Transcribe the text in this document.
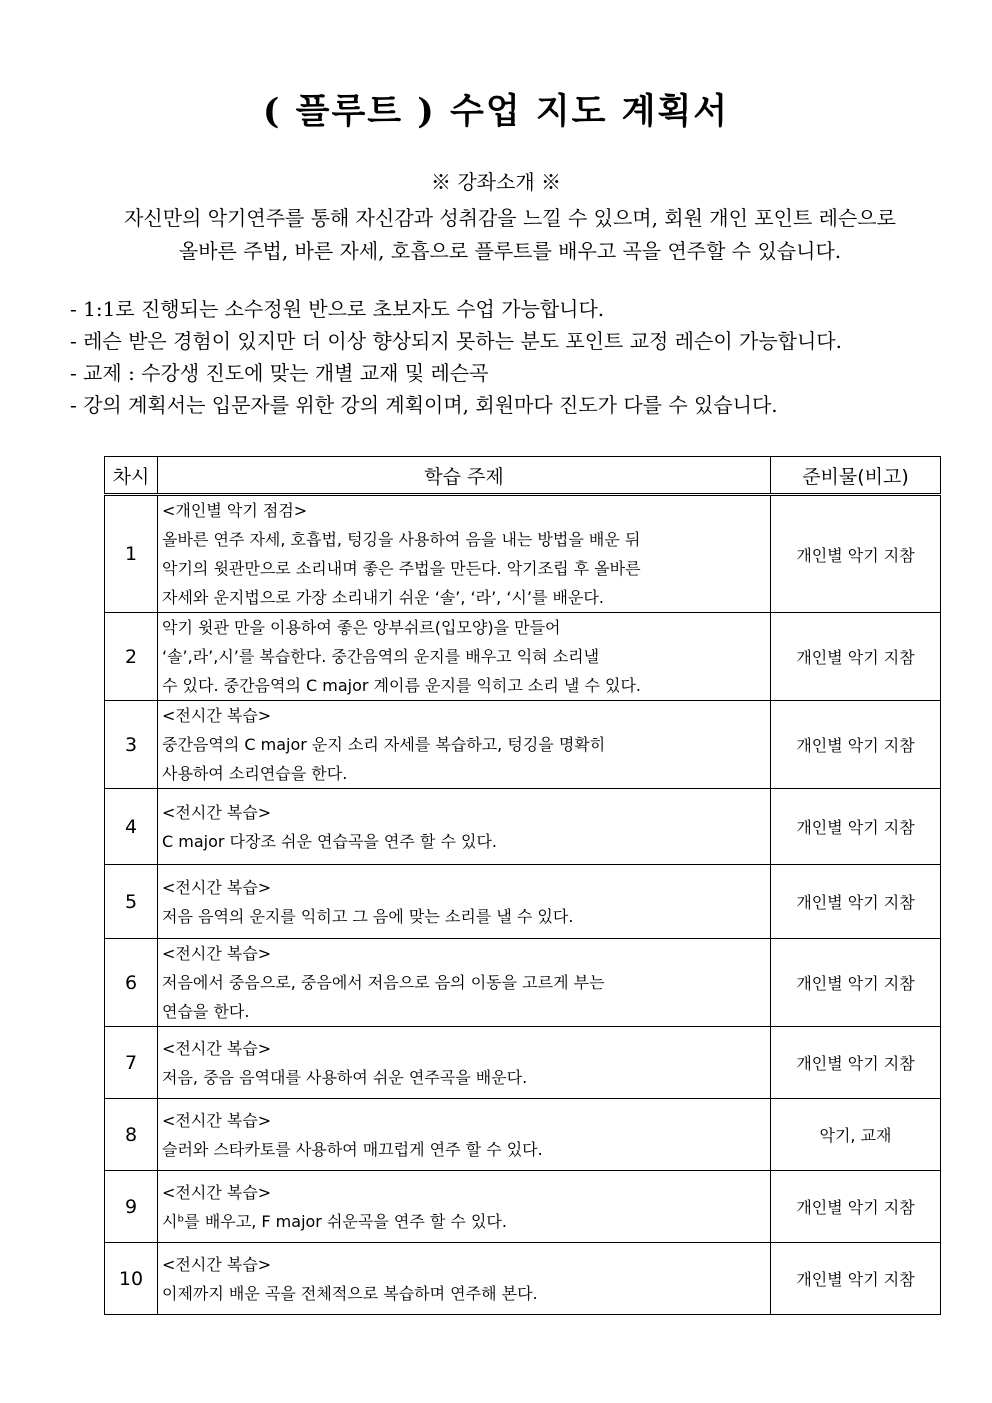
( 플루트 ) 수업 지도 계획서
※ 강좌소개 ※
자신만의 악기연주를 통해 자신감과 성취감을 느낄 수 있으며, 회원 개인 포인트 레슨으로
올바른 주법, 바른 자세, 호흡으로 플루트를 배우고 곡을 연주할 수 있습니다.
- 1:1로 진행되는 소수정원 반으로 초보자도 수업 가능합니다.
- 레슨 받은 경험이 있지만 더 이상 향상되지 못하는 분도 포인트 교정 레슨이 가능합니다.
- 교제 : 수강생 진도에 맞는 개별 교재 및 레슨곡
- 강의 계획서는 입문자를 위한 강의 계획이며, 회원마다 진도가 다를 수 있습니다.
차시	학습 주제	준비물(비고)
1	<개인별 악기 점검>
올바른 연주 자세, 호흡법, 텅깅을 사용하여 음을 내는 방법을 배운 뒤
악기의 윗관만으로 소리내며 좋은 주법을 만든다. 악기조립 후 올바른
자세와 운지법으로 가장 소리내기 쉬운 ‘솔’, ‘라’, ‘시’를 배운다.	개인별 악기 지참
2	악기 윗관 만을 이용하여 좋은 앙부쉬르(입모양)을 만들어
‘솔’,라’,시’를 복습한다. 중간음역의 운지를 배우고 익혀 소리낼
수 있다. 중간음역의 C major 계이름 운지를 익히고 소리 낼 수 있다.	개인별 악기 지참
3	<전시간 복습>
중간음역의 C major 운지 소리 자세를 복습하고, 텅깅을 명확히
사용하여 소리연습을 한다.	개인별 악기 지참
4	<전시간 복습>
C major 다장조 쉬운 연습곡을 연주 할 수 있다.	개인별 악기 지참
5	<전시간 복습>
저음 음역의 운지를 익히고 그 음에 맞는 소리를 낼 수 있다.	개인별 악기 지참
6	<전시간 복습>
저음에서 중음으로, 중음에서 저음으로 음의 이동을 고르게 부는
연습을 한다.	개인별 악기 지참
7	<전시간 복습>
저음, 중음 음역대를 사용하여 쉬운 연주곡을 배운다.	개인별 악기 지참
8	<전시간 복습>
슬러와 스타카토를 사용하여 매끄럽게 연주 할 수 있다.	악기, 교재
9	<전시간 복습>
시ᵇ를 배우고, F major 쉬운곡을 연주 할 수 있다.	개인별 악기 지참
10	<전시간 복습>
이제까지 배운 곡을 전체적으로 복습하며 연주해 본다.	개인별 악기 지참
